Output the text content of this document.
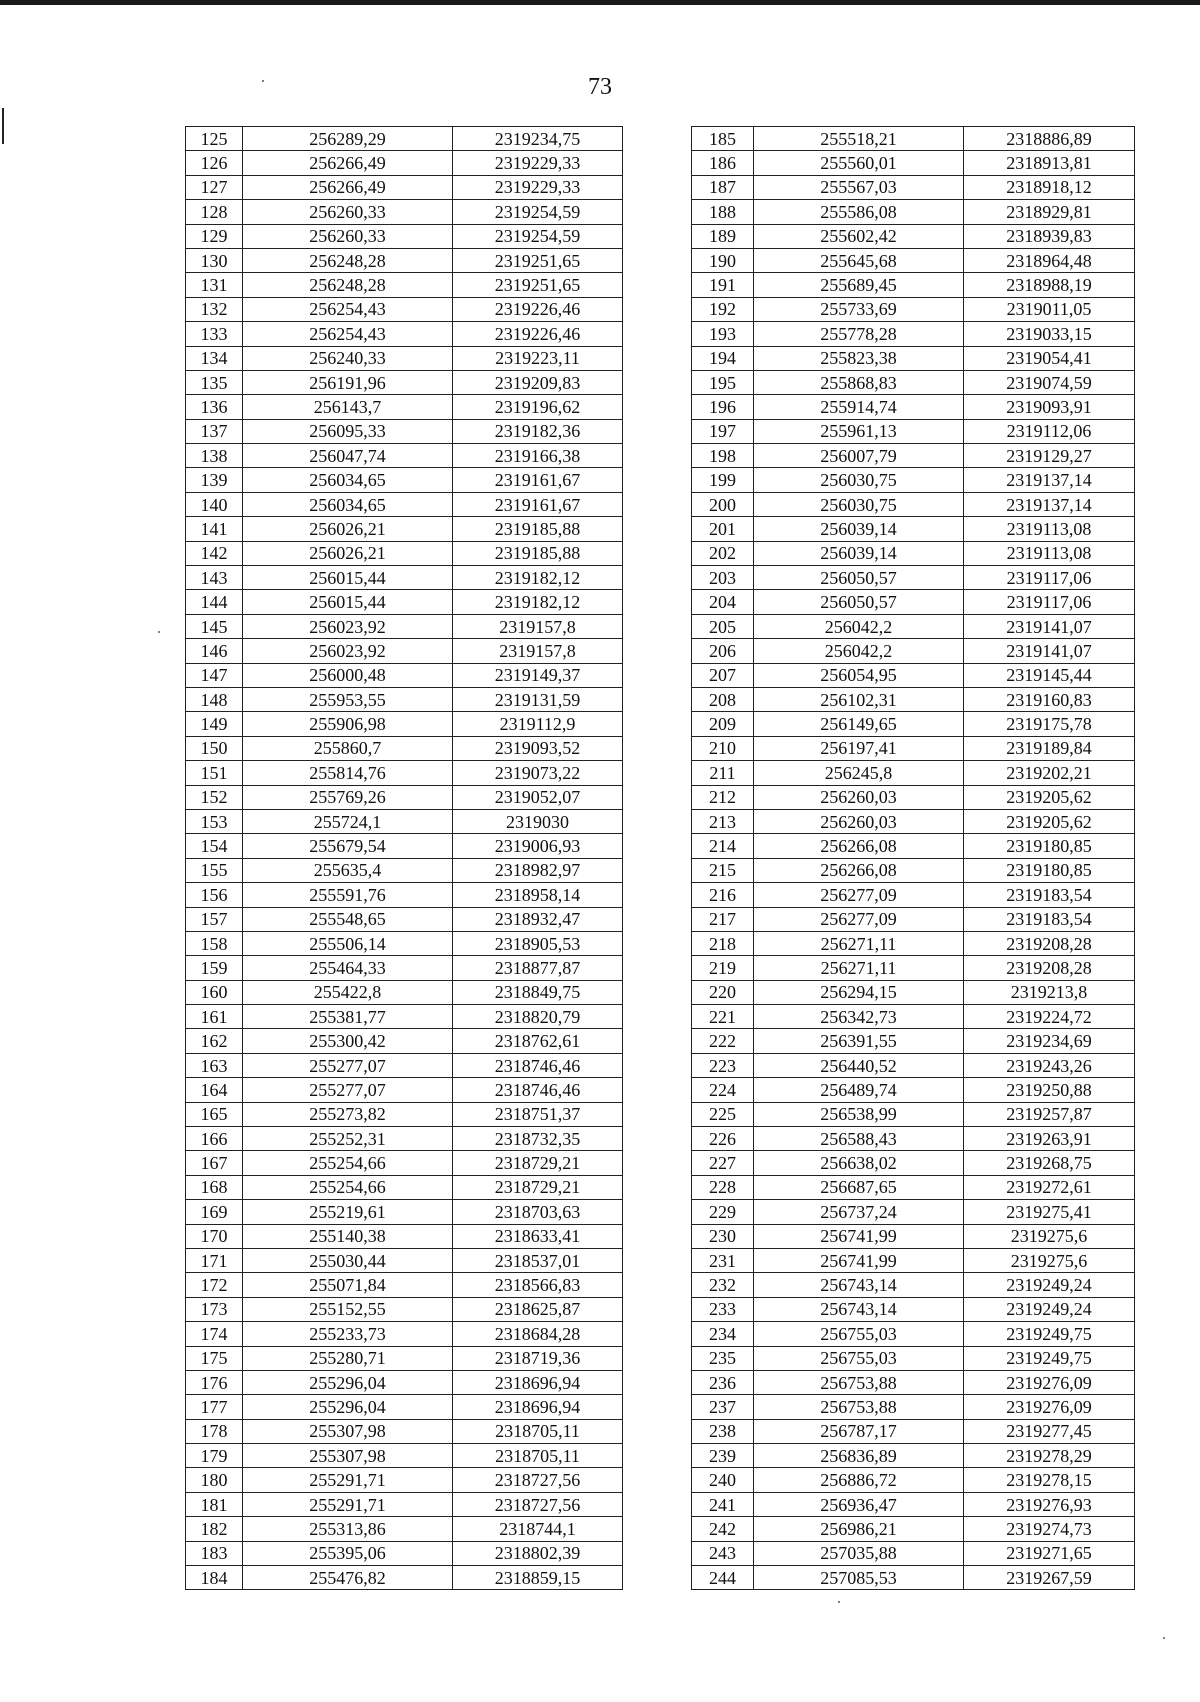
73
125	256289,29	2319234,75
126	256266,49	2319229,33
127	256266,49	2319229,33
128	256260,33	2319254,59
129	256260,33	2319254,59
130	256248,28	2319251,65
131	256248,28	2319251,65
132	256254,43	2319226,46
133	256254,43	2319226,46
134	256240,33	2319223,11
135	256191,96	2319209,83
136	256143,7	2319196,62
137	256095,33	2319182,36
138	256047,74	2319166,38
139	256034,65	2319161,67
140	256034,65	2319161,67
141	256026,21	2319185,88
142	256026,21	2319185,88
143	256015,44	2319182,12
144	256015,44	2319182,12
145	256023,92	2319157,8
146	256023,92	2319157,8
147	256000,48	2319149,37
148	255953,55	2319131,59
149	255906,98	2319112,9
150	255860,7	2319093,52
151	255814,76	2319073,22
152	255769,26	2319052,07
153	255724,1	2319030
154	255679,54	2319006,93
155	255635,4	2318982,97
156	255591,76	2318958,14
157	255548,65	2318932,47
158	255506,14	2318905,53
159	255464,33	2318877,87
160	255422,8	2318849,75
161	255381,77	2318820,79
162	255300,42	2318762,61
163	255277,07	2318746,46
164	255277,07	2318746,46
165	255273,82	2318751,37
166	255252,31	2318732,35
167	255254,66	2318729,21
168	255254,66	2318729,21
169	255219,61	2318703,63
170	255140,38	2318633,41
171	255030,44	2318537,01
172	255071,84	2318566,83
173	255152,55	2318625,87
174	255233,73	2318684,28
175	255280,71	2318719,36
176	255296,04	2318696,94
177	255296,04	2318696,94
178	255307,98	2318705,11
179	255307,98	2318705,11
180	255291,71	2318727,56
181	255291,71	2318727,56
182	255313,86	2318744,1
183	255395,06	2318802,39
184	255476,82	2318859,15
185	255518,21	2318886,89
186	255560,01	2318913,81
187	255567,03	2318918,12
188	255586,08	2318929,81
189	255602,42	2318939,83
190	255645,68	2318964,48
191	255689,45	2318988,19
192	255733,69	2319011,05
193	255778,28	2319033,15
194	255823,38	2319054,41
195	255868,83	2319074,59
196	255914,74	2319093,91
197	255961,13	2319112,06
198	256007,79	2319129,27
199	256030,75	2319137,14
200	256030,75	2319137,14
201	256039,14	2319113,08
202	256039,14	2319113,08
203	256050,57	2319117,06
204	256050,57	2319117,06
205	256042,2	2319141,07
206	256042,2	2319141,07
207	256054,95	2319145,44
208	256102,31	2319160,83
209	256149,65	2319175,78
210	256197,41	2319189,84
211	256245,8	2319202,21
212	256260,03	2319205,62
213	256260,03	2319205,62
214	256266,08	2319180,85
215	256266,08	2319180,85
216	256277,09	2319183,54
217	256277,09	2319183,54
218	256271,11	2319208,28
219	256271,11	2319208,28
220	256294,15	2319213,8
221	256342,73	2319224,72
222	256391,55	2319234,69
223	256440,52	2319243,26
224	256489,74	2319250,88
225	256538,99	2319257,87
226	256588,43	2319263,91
227	256638,02	2319268,75
228	256687,65	2319272,61
229	256737,24	2319275,41
230	256741,99	2319275,6
231	256741,99	2319275,6
232	256743,14	2319249,24
233	256743,14	2319249,24
234	256755,03	2319249,75
235	256755,03	2319249,75
236	256753,88	2319276,09
237	256753,88	2319276,09
238	256787,17	2319277,45
239	256836,89	2319278,29
240	256886,72	2319278,15
241	256936,47	2319276,93
242	256986,21	2319274,73
243	257035,88	2319271,65
244	257085,53	2319267,59
